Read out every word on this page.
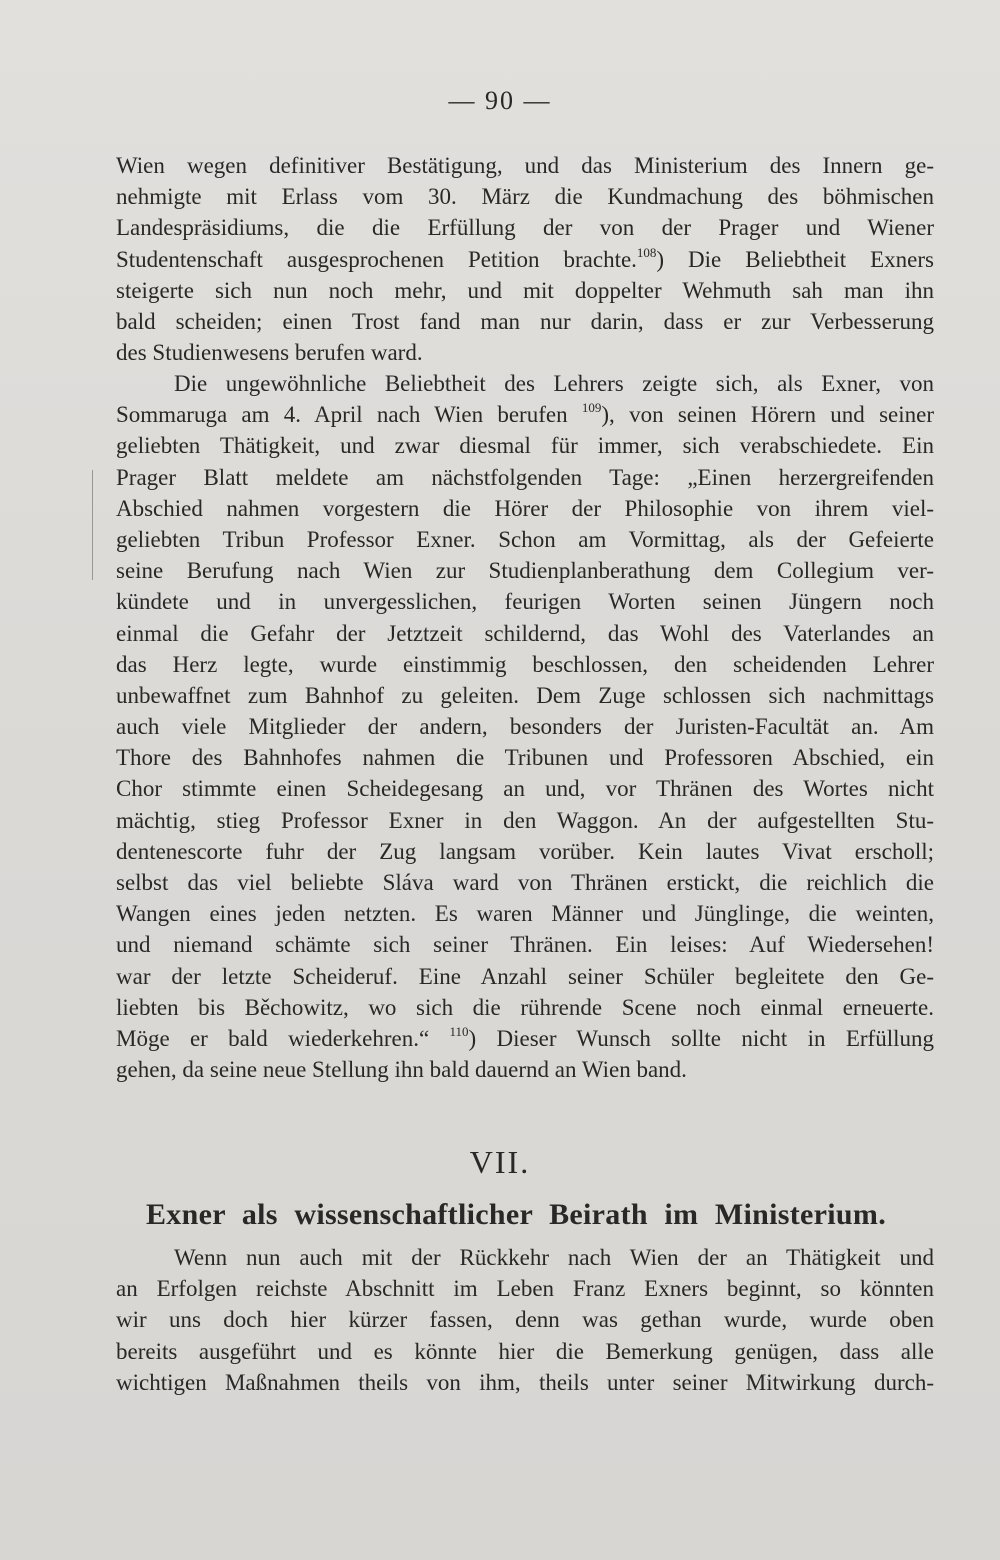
— 90 —
Wien wegen definitiver Bestätigung, und das Ministerium des Innern ge-
nehmigte mit Erlass vom 30. März die Kundmachung des böhmischen
Landespräsidiums, die die Erfüllung der von der Prager und Wiener
Studentenschaft ausgesprochenen Petition brachte.$^{108}$) Die Beliebtheit Exners
steigerte sich nun noch mehr, und mit doppelter Wehmuth sah man ihn
bald scheiden; einen Trost fand man nur darin, dass er zur Verbesserung
des Studienwesens berufen ward.
Die ungewöhnliche Beliebtheit des Lehrers zeigte sich, als Exner, von
Sommaruga am 4. April nach Wien berufen $^{109}$), von seinen Hörern und seiner
geliebten Thätigkeit, und zwar diesmal für immer, sich verabschiedete. Ein
Prager Blatt meldete am nächstfolgenden Tage: „Einen herzergreifenden
Abschied nahmen vorgestern die Hörer der Philosophie von ihrem viel-
geliebten Tribun Professor Exner. Schon am Vormittag, als der Gefeierte
seine Berufung nach Wien zur Studienplanberathung dem Collegium ver-
kündete und in unvergesslichen, feurigen Worten seinen Jüngern noch
einmal die Gefahr der Jetztzeit schildernd, das Wohl des Vaterlandes an
das Herz legte, wurde einstimmig beschlossen, den scheidenden Lehrer
unbewaffnet zum Bahnhof zu geleiten. Dem Zuge schlossen sich nachmittags
auch viele Mitglieder der andern, besonders der Juristen-Facultät an. Am
Thore des Bahnhofes nahmen die Tribunen und Professoren Abschied, ein
Chor stimmte einen Scheidegesang an und, vor Thränen des Wortes nicht
mächtig, stieg Professor Exner in den Waggon. An der aufgestellten Stu-
dentenescorte fuhr der Zug langsam vorüber. Kein lautes Vivat erscholl;
selbst das viel beliebte Sláva ward von Thränen erstickt, die reichlich die
Wangen eines jeden netzten. Es waren Männer und Jünglinge, die weinten,
und niemand schämte sich seiner Thränen. Ein leises: Auf Wiedersehen!
war der letzte Scheideruf. Eine Anzahl seiner Schüler begleitete den Ge-
liebten bis Běchowitz, wo sich die rührende Scene noch einmal erneuerte.
Möge er bald wiederkehren.“ $^{110}$) Dieser Wunsch sollte nicht in Erfüllung
gehen, da seine neue Stellung ihn bald dauernd an Wien band.
VII.
Exner als wissenschaftlicher Beirath im Ministerium.
Wenn nun auch mit der Rückkehr nach Wien der an Thätigkeit und
an Erfolgen reichste Abschnitt im Leben Franz Exners beginnt, so könnten
wir uns doch hier kürzer fassen, denn was gethan wurde, wurde oben
bereits ausgeführt und es könnte hier die Bemerkung genügen, dass alle
wichtigen Maßnahmen theils von ihm, theils unter seiner Mitwirkung durch-
